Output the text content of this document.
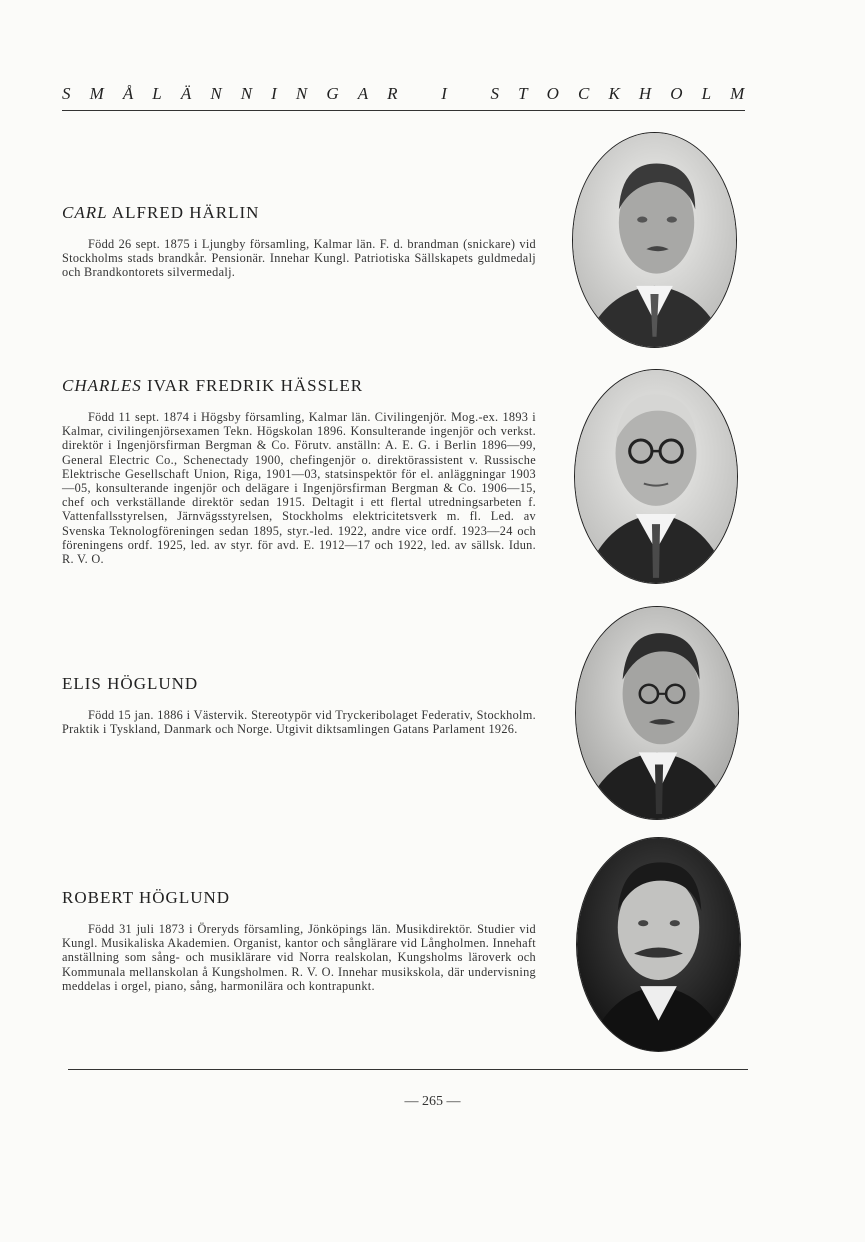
S M Å L Ä N N I N G A R	I	S T O C K H O L M
CARL ALFRED HÄRLIN

Född 26 sept. 1875 i Ljungby församling, Kalmar län. F. d. brandman (snickare) vid Stockholms stads brandkår. Pensionär. Innehar Kungl. Patriotiska Sällskapets guldmedalj och Brandkontorets silvermedalj.

CHARLES IVAR FREDRIK HÄSSLER

Född 11 sept. 1874 i Högsby församling, Kalmar län. Civilingenjör. Mog.-ex. 1893 i Kalmar, civilingenjörsexamen Tekn. Högskolan 1896. Konsulterande ingenjör och verkst. direktör i Ingenjörsfirman Bergman & Co. Förutv. anställn: A. E. G. i Berlin 1896—99, General Electric Co., Schenectady 1900, chefingenjör o. direktörassistent v. Russische Elektrische Gesellschaft Union, Riga, 1901—03, statsinspektör för el. anläggningar 1903—05, konsulterande ingenjör och delägare i Ingenjörsfirman Bergman & Co. 1906—15, chef och verkställande direktör sedan 1915. Deltagit i ett flertal utredningsarbeten f. Vattenfallsstyrelsen, Järnvägsstyrelsen, Stockholms elektricitetsverk m. fl. Led. av Svenska Teknologföreningen sedan 1895, styr.-led. 1922, andre vice ordf. 1923—24 och föreningens ordf. 1925, led. av styr. för avd. E. 1912—17 och 1922, led. av sällsk. Idun. R. V. O.

ELIS HÖGLUND

Född 15 jan. 1886 i Västervik. Stereotypör vid Tryckeribolaget Federativ, Stockholm. Praktik i Tyskland, Danmark och Norge. Utgivit diktsamlingen Gatans Parlament 1926.

ROBERT HÖGLUND

Född 31 juli 1873 i Öreryds församling, Jönköpings län. Musikdirektör. Studier vid Kungl. Musikaliska Akademien. Organist, kantor och sånglärare vid Långholmen. Innehaft anställning som sång- och musiklärare vid Norra realskolan, Kungsholms läroverk och Kommunala mellanskolan å Kungsholmen. R. V. O. Innehar musikskola, där undervisning meddelas i orgel, piano, sång, harmonilära och kontrapunkt.

— 265 —
